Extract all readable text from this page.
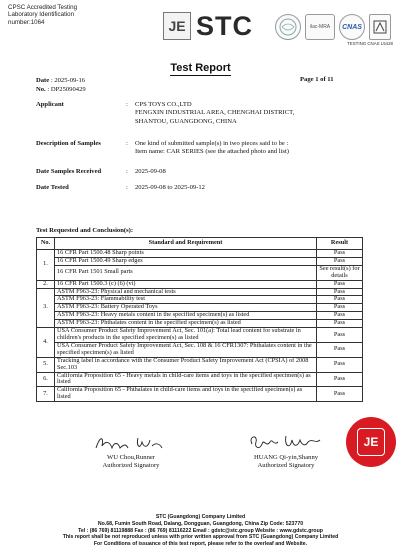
CPSC Accredited Testing
Laboratory Identification
number:1064	JE STC	ilac-MRA CNAS
TESTING CNAS L5428
Test Report
Date : 2025-09-16
No. : DP25090429
Page 1 of 11
Applicant	: CPS TOYS CO.,LTD
FENGXIN INDUSTRIAL AREA, CHENGHAI DISTRICT,
SHANTOU, GUANGDONG, CHINA
Description of Samples	: One kind of submitted sample(s) in two pieces said to be :
Item name: CAR SERIES (see the attached photo and list)
Date Samples Received	: 2025-09-08
Date Tested	: 2025-09-08 to 2025-09-12
Test Requested and Conclusion(s):
No.	Standard and Requirement	Result
1.	16 CFR Part 1500.48 Sharp points	Pass
	16 CFR Part 1500.49 Sharp edges	Pass
	16 CFR Part 1501 Small parts	See result(s) for details
2.	16 CFR Part 1500.3 (c) (6) (vi)	Pass
3.	ASTM F963-23: Physical and mechanical tests	Pass
	ASTM F963-23: Flammability test	Pass
	ASTM F963-23: Battery Operated Toys	Pass
	ASTM F963-23: Heavy metals content in the specified specimen(s) as listed	Pass
	ASTM F963-23: Phthalates content in the specified specimen(s) as listed	Pass
4.	USA Consumer Product Safety Improvement Act, Sec. 101(a): Total lead content for substrate in children's products in the specified specimen(s) as listed	Pass
	USA Consumer Product Safety Improvement Act, Sec. 108 & 16 CFR1307: Phthalates content in the specified specimen(s) as listed	Pass
5.	Tracking label in accordance with the Consumer Product Safety Improvement Act (CPSIA) of 2008 Sec.103	Pass
6.	California Proposition 65 - Heavy metals in child-care items and toys in the specified specimen(s) as listed	Pass
7.	California Proposition 65 - Phthalates in child-care items and toys in the specified specimen(s) as listed	Pass
WU Chou,Runner
Authorized Signatory
HUANG Qi-yin,Shanny
Authorized Signatory
JE
STC (Guangdong) Company Limited
No.68, Fumin South Road, Dalang, Dongguan, Guangdong, China Zip Code: 523770
Tel : (86 769) 81119888 Fax : (86 769) 81116222 Email : gdstc@stc.group Website : www.gdstc.group
This report shall be not reproduced unless with prior written approval from STC (Guangdong) Company Limited
For Conditions of issuance of this test report, please refer to the overleaf and Website.
